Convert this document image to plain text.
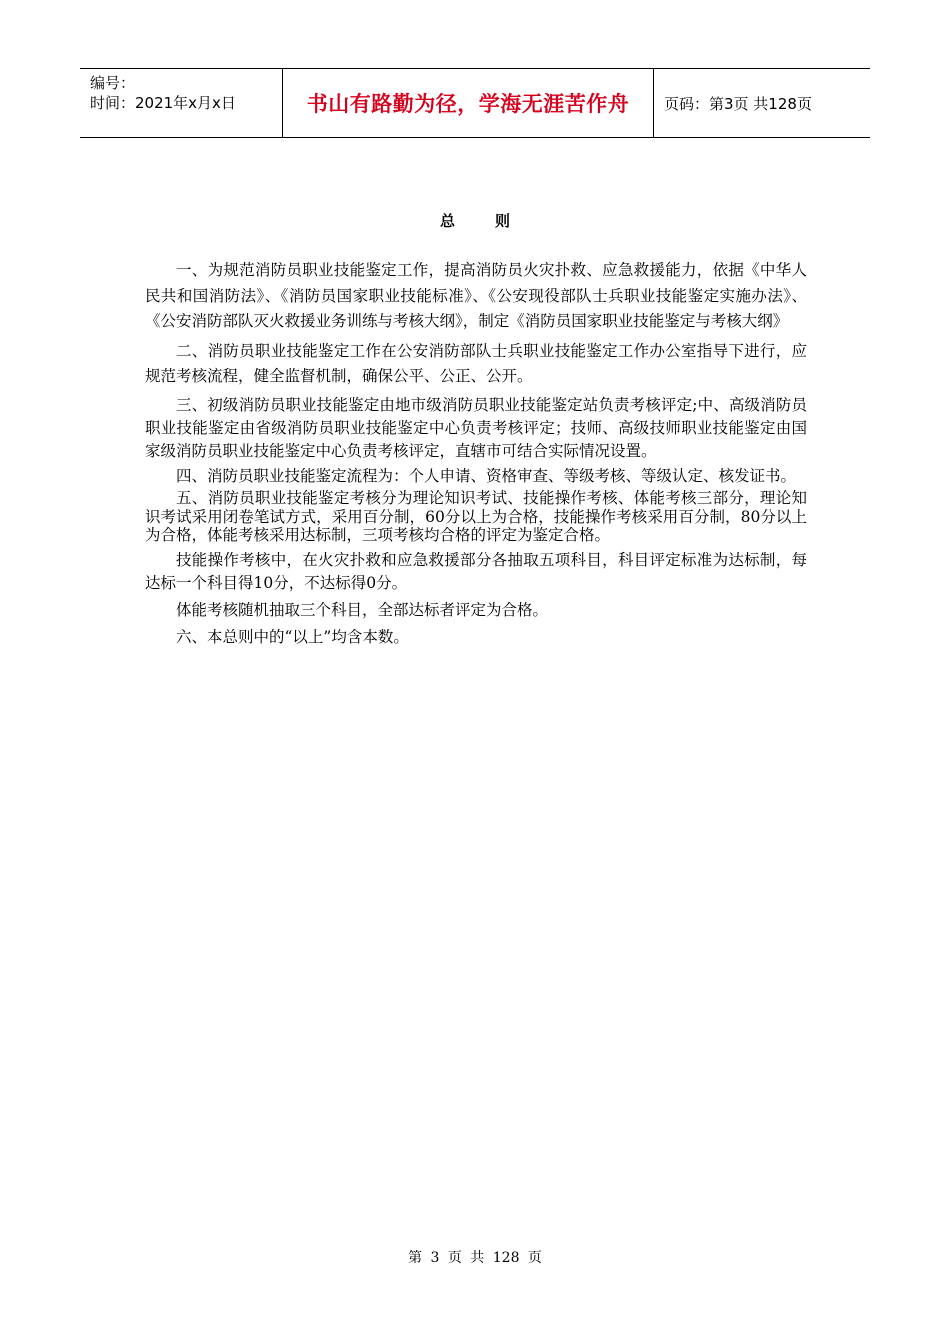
编号：
时间：2021年x月x日	书山有路勤为径，学海无涯苦作舟	页码：第3页 共128页
总则

一、为规范消防员职业技能鉴定工作，提高消防员火灾扑救、应急救援能力，依据《中华人民共和国消防法》、《消防员国家职业技能标准》、《公安现役部队士兵职业技能鉴定实施办法》、《公安消防部队灭火救援业务训练与考核大纲》，制定《消防员国家职业技能鉴定与考核大纲》

二、消防员职业技能鉴定工作在公安消防部队士兵职业技能鉴定工作办公室指导下进行，应规范考核流程，健全监督机制，确保公平、公正、公开。

三、初级消防员职业技能鉴定由地市级消防员职业技能鉴定站负责考核评定;中、高级消防员职业技能鉴定由省级消防员职业技能鉴定中心负责考核评定；技师、高级技师职业技能鉴定由国家级消防员职业技能鉴定中心负责考核评定，直辖市可结合实际情况设置。

四、消防员职业技能鉴定流程为：个人申请、资格审查、等级考核、等级认定、核发证书。

五、消防员职业技能鉴定考核分为理论知识考试、技能操作考核、体能考核三部分，理论知识考试采用闭卷笔试方式，采用百分制，60分以上为合格，技能操作考核采用百分制，80分以上为合格，体能考核采用达标制，三项考核均合格的评定为鉴定合格。

技能操作考核中，在火灾扑救和应急救援部分各抽取五项科目，科目评定标准为达标制，每达标一个科目得10分，不达标得0分。

体能考核随机抽取三个科目，全部达标者评定为合格。

六、本总则中的“以上”均含本数。

第 3 页 共 128 页
